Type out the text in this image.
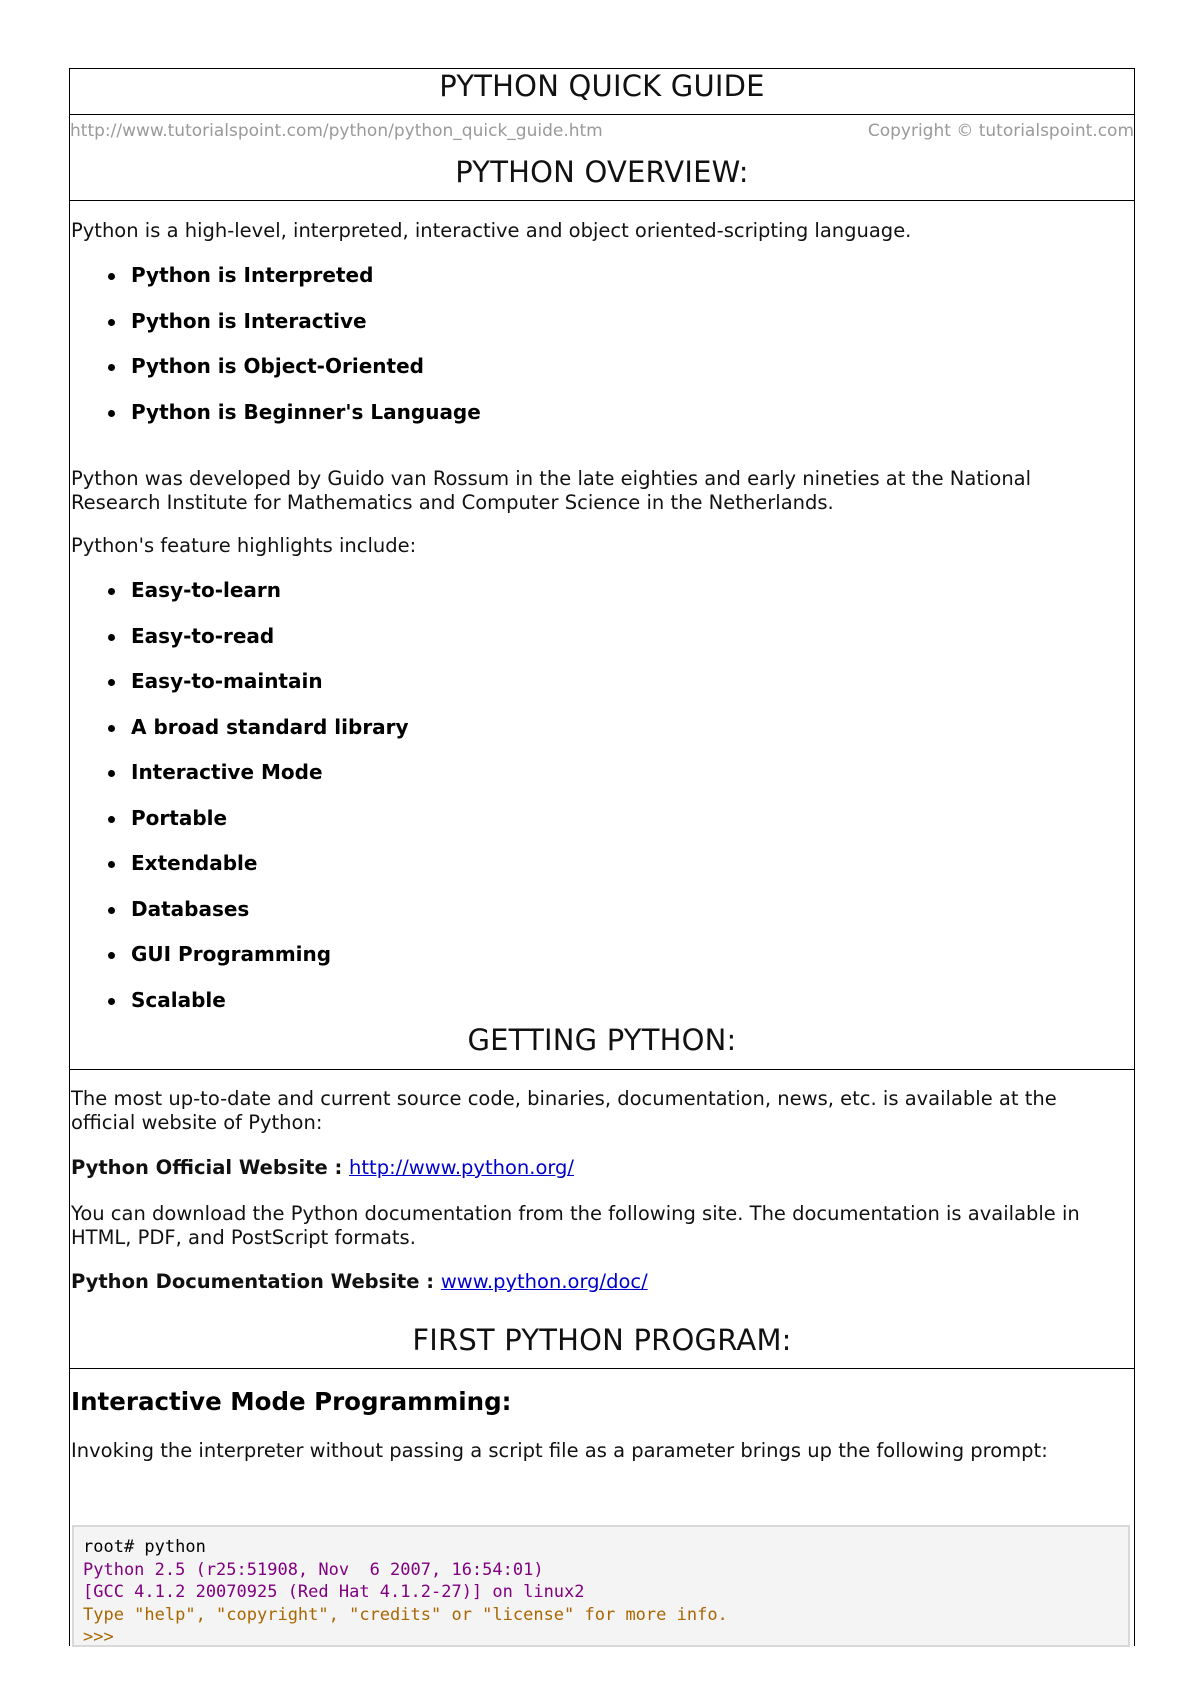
PYTHON QUICK GUIDE
http://www.tutorialspoint.com/python/python_quick_guide.htm	Copyright © tutorialspoint.com
PYTHON OVERVIEW:
Python is a high-level, interpreted, interactive and object oriented-scripting language.
Python is Interpreted
Python is Interactive
Python is Object-Oriented
Python is Beginner's Language
Python was developed by Guido van Rossum in the late eighties and early nineties at the National Research Institute for Mathematics and Computer Science in the Netherlands.
Python's feature highlights include:
Easy-to-learn
Easy-to-read
Easy-to-maintain
A broad standard library
Interactive Mode
Portable
Extendable
Databases
GUI Programming
Scalable
GETTING PYTHON:
The most up-to-date and current source code, binaries, documentation, news, etc. is available at the official website of Python:
Python Official Website : http://www.python.org/
You can download the Python documentation from the following site. The documentation is available in HTML, PDF, and PostScript formats.
Python Documentation Website : www.python.org/doc/
FIRST PYTHON PROGRAM:
Interactive Mode Programming:
Invoking the interpreter without passing a script file as a parameter brings up the following prompt:
root# python
Python 2.5 (r25:51908, Nov  6 2007, 16:54:01)
[GCC 4.1.2 20070925 (Red Hat 4.1.2-27)] on linux2
Type "help", "copyright", "credits" or "license" for more info.
>>>
